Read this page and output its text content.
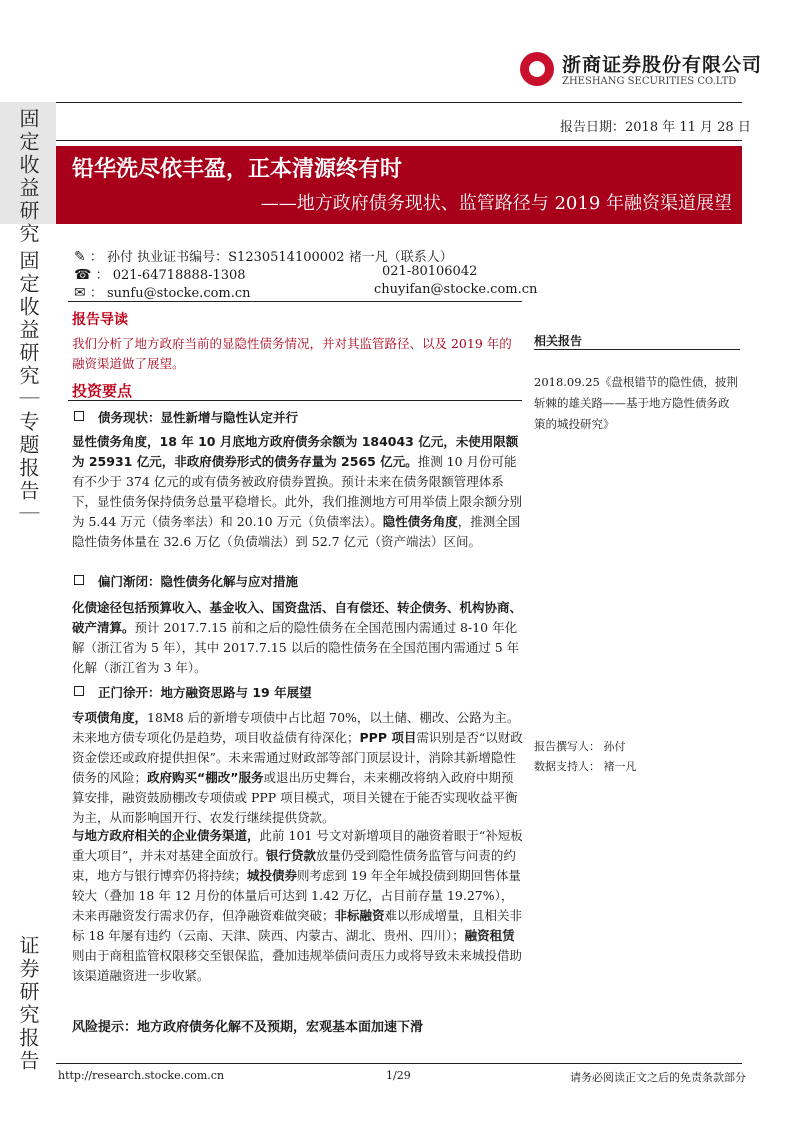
浙商证券股份有限公司
ZHESHANG SECURITIES CO.LTD
固定收益研究
固定收益研究｜专题报告｜
证券研究报告
报告日期：2018 年 11 月 28 日
铅华洗尽依丰盈，正本清源终有时
——地方政府债务现状、监管路径与 2019 年融资渠道展望
✎ ： 孙付 执业证书编号：S1230514100002 褚一凡（联系人）
☎ ： 021-64718888-1308	021-80106042
✉ ： sunfu@stocke.com.cn	chuyifan@stocke.com.cn
报告导读
我们分析了地方政府当前的显隐性债务情况，并对其监管路径、以及 2019 年的融资渠道做了展望。
投资要点
债务现状：显性新增与隐性认定并行
显性债务角度，18 年 10 月底地方政府债务余额为 184043 亿元，未使用限额为 25931 亿元，非政府债券形式的债务存量为 2565 亿元。推测 10 月份可能有不少于 374 亿元的或有债务被政府债券置换。预计未来在债务限额管理体系下，显性债务保持债务总量平稳增长。此外，我们推测地方可用举债上限余额分别为 5.44 万元（债务率法）和 20.10 万元（负债率法）。隐性债务角度，推测全国隐性债务体量在 32.6 万亿（负债端法）到 52.7 亿元（资产端法）区间。
偏门渐闭：隐性债务化解与应对措施
化债途径包括预算收入、基金收入、国资盘活、自有偿还、转企债务、机构协商、破产清算。预计 2017.7.15 前和之后的隐性债务在全国范围内需通过 8-10 年化解（浙江省为 5 年），其中 2017.7.15 以后的隐性债务在全国范围内需通过 5 年化解（浙江省为 3 年）。
正门徐开：地方融资思路与 19 年展望
专项债角度，18M8 后的新增专项债中占比超 70%，以土储、棚改、公路为主。未来地方债专项化仍是趋势，项目收益债有待深化；PPP 项目需识别是否“以财政资金偿还或政府提供担保”。未来需通过财政部等部门顶层设计，消除其新增隐性债务的风险；政府购买“棚改”服务或退出历史舞台，未来棚改将纳入政府中期预算安排，融资鼓励棚改专项债或 PPP 项目模式，项目关键在于能否实现收益平衡为主，从而影响国开行、农发行继续提供贷款。
与地方政府相关的企业债务渠道，此前 101 号文对新增项目的融资着眼于“补短板重大项目”，并未对基建全面放行。银行贷款放量仍受到隐性债务监管与问责的约束，地方与银行博弈仍将持续；城投债券则考虑到 19 年全年城投债到期回售体量较大（叠加 18 年 12 月份的体量后可达到 1.42 万亿，占目前存量 19.27%），未来再融资发行需求仍存，但净融资难做突破；非标融资难以形成增量，且相关非标 18 年屡有违约（云南、天津、陕西、内蒙古、湖北、贵州、四川）；融资租赁则由于商租监管权限移交至银保监，叠加违规举债问责压力或将导致未来城投借助该渠道融资进一步收紧。
风险提示：地方政府债务化解不及预期，宏观基本面加速下滑
相关报告
2018.09.25《盘根错节的隐性债，披荆斩棘的雄关路——基于地方隐性债务政策的城投研究》
报告撰写人： 孙付
数据支持人： 褚一凡
http://research.stocke.com.cn	1/29	请务必阅读正文之后的免责条款部分
